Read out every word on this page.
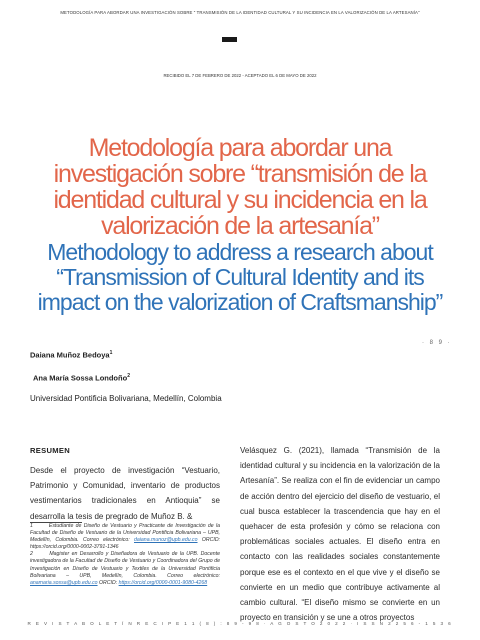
METODOLOGÍA PARA ABORDAR UNA INVESTIGACIÓN SOBRE " TRANSMISIÓN DE LA IDENTIDAD CULTURAL Y SU INCIDENCIA EN LA VALORIZACIÓN DE LA ARTESANÍA"
RECIBIDO EL 7 DE FEBRERO DE 2022 - ACEPTADO EL 6 DE MAYO DE 2022
Metodología para abordar una investigación sobre “transmisión de la identidad cultural y su incidencia en la valorización de la artesanía”
Methodology to address a research about “Transmission of Cultural Identity and its impact on the valorization of Craftsmanship”
· 8 9 ·
Daiana Muñoz Bedoya$^1$
Ana María Sossa Londoño$^2$
Universidad Pontificia Bolivariana, Medellín, Colombia
RESUMEN
Desde el proyecto de investigación “Vestuario, Patrimonio y Comunidad, inventario de productos vestimentarios tradicionales en Antioquia” se desarrolla la tesis de pregrado de Muñoz B. &

1	Estudiante de Diseño de Vestuario y Practicante de Investigación de la Facultad de Diseño de Vestuario de la Universidad Pontificia Bolivariana – UPB, Medellín, Colombia. Correo electrónico: daiana.munoz@upb.edu.co ORCID: https://orcid.org/0000-0002-3791-1346

2	Magister en Desarrollo y Diseñadora de Vestuario de la UPB. Docente investigadora de la Facultad de Diseño de Vestuario y Coordinadora del Grupo de Investigación en Diseño de Vestuario y Textiles de la Universidad Pontificia Bolivariana – UPB, Medellín, Colombia. Correo electrónico: anamaria.sossa@upb.edu.co ORCID: https://orcid.org/0000-0001-9080-4268

Velásquez G. (2021), llamada “Transmisión de la identidad cultural y su incidencia en la valorización de la Artesanía”. Se realiza con el fin de evidenciar un campo de acción dentro del ejercicio del diseño de vestuario, el cual busca establecer la trascendencia que hay en el quehacer de esta profesión y cómo se relaciona con problemáticas sociales actuales. El diseño entra en contacto con las realidades sociales constantemente porque ese es el contexto en el que vive y el diseño se convierte en un medio que contribuye activamente al cambio cultural. “El diseño mismo se convierte en un proyecto en transición y se une a otros proyectos
R E V I S T A B O L E T Í N R E C I P E 1 1 ( 8 ) : 8 9 - 9 8 · A G O S T O 2 0 2 2 · I S S N 2 2 5 6 - 1 5 3 6
